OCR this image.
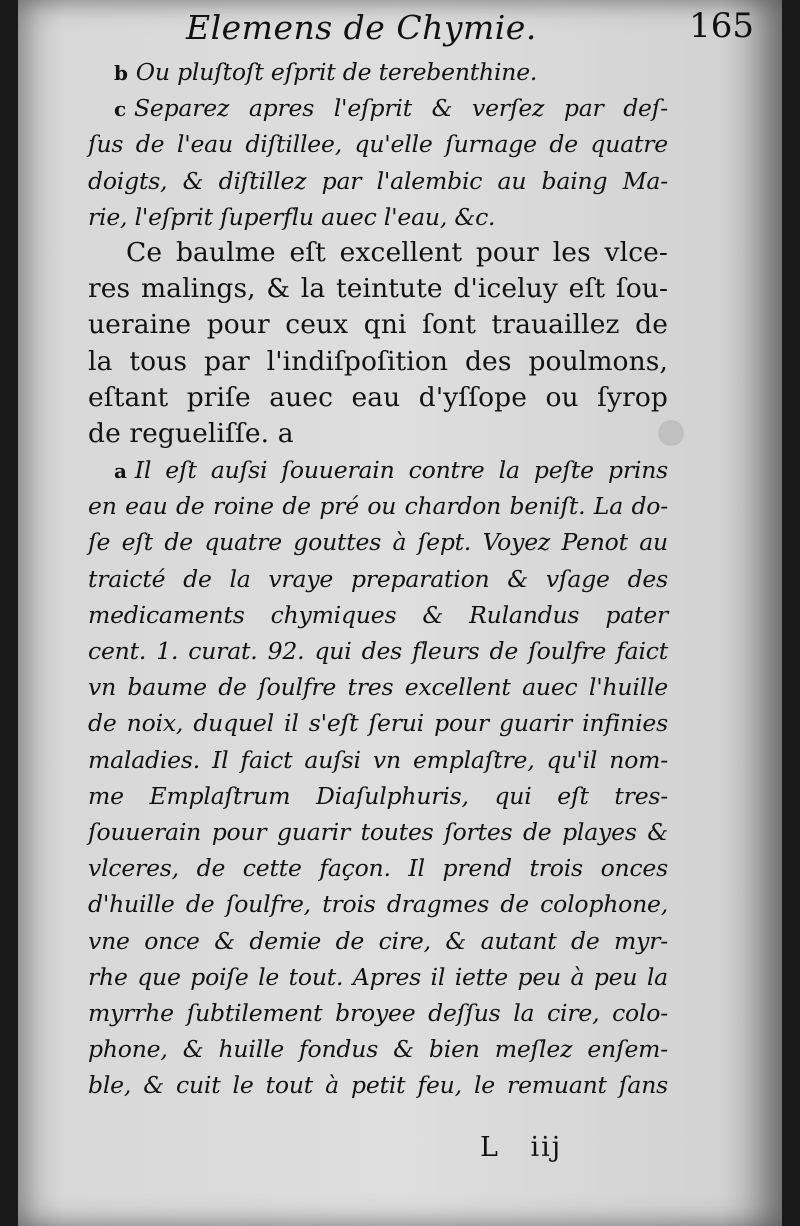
Elemens de Chymie.	165
b Ou pluſtoſt eſprit de terebenthine.
c Separez apres l'eſprit & verſez par deſ-
ſus de l'eau diſtillee, qu'elle ſurnage de quatre
doigts, & diſtillez par l'alembic au baing Ma-
rie, l'eſprit ſuperflu auec l'eau, &c.
Ce baulme eſt excellent pour les vlce-
res malings, & la teintute d'iceluy eſt ſou-
ueraine pour ceux qni ſont trauaillez de
la tous par l'indiſpoſition des poulmons,
eſtant priſe auec eau d'yſſope ou ſyrop
de regueliſſe. a
a Il eſt auſsi ſouuerain contre la peſte prins
en eau de roine de pré ou chardon beniſt. La do-
ſe eſt de quatre gouttes à ſept. Voyez Penot au
traicté de la vraye preparation & vſage des
medicaments chymiques & Rulandus pater
cent. 1. curat. 92. qui des fleurs de ſoulfre faict
vn baume de ſoulfre tres excellent auec l'huille
de noix, duquel il s'eſt ſerui pour guarir infinies
maladies. Il faict auſsi vn emplaſtre, qu'il nom-
me Emplaſtrum Diaſulphuris, qui eſt tres-
ſouuerain pour guarir toutes ſortes de playes &
vlceres, de cette façon. Il prend trois onces
d'huille de ſoulfre, trois dragmes de colophone,
vne once & demie de cire, & autant de myr-
rhe que poiſe le tout. Apres il iette peu à peu la
myrrhe ſubtilement broyee deſſus la cire, colo-
phone, & huille fondus & bien meſlez enſem-
ble, & cuit le tout à petit feu, le remuant ſans
L iij
